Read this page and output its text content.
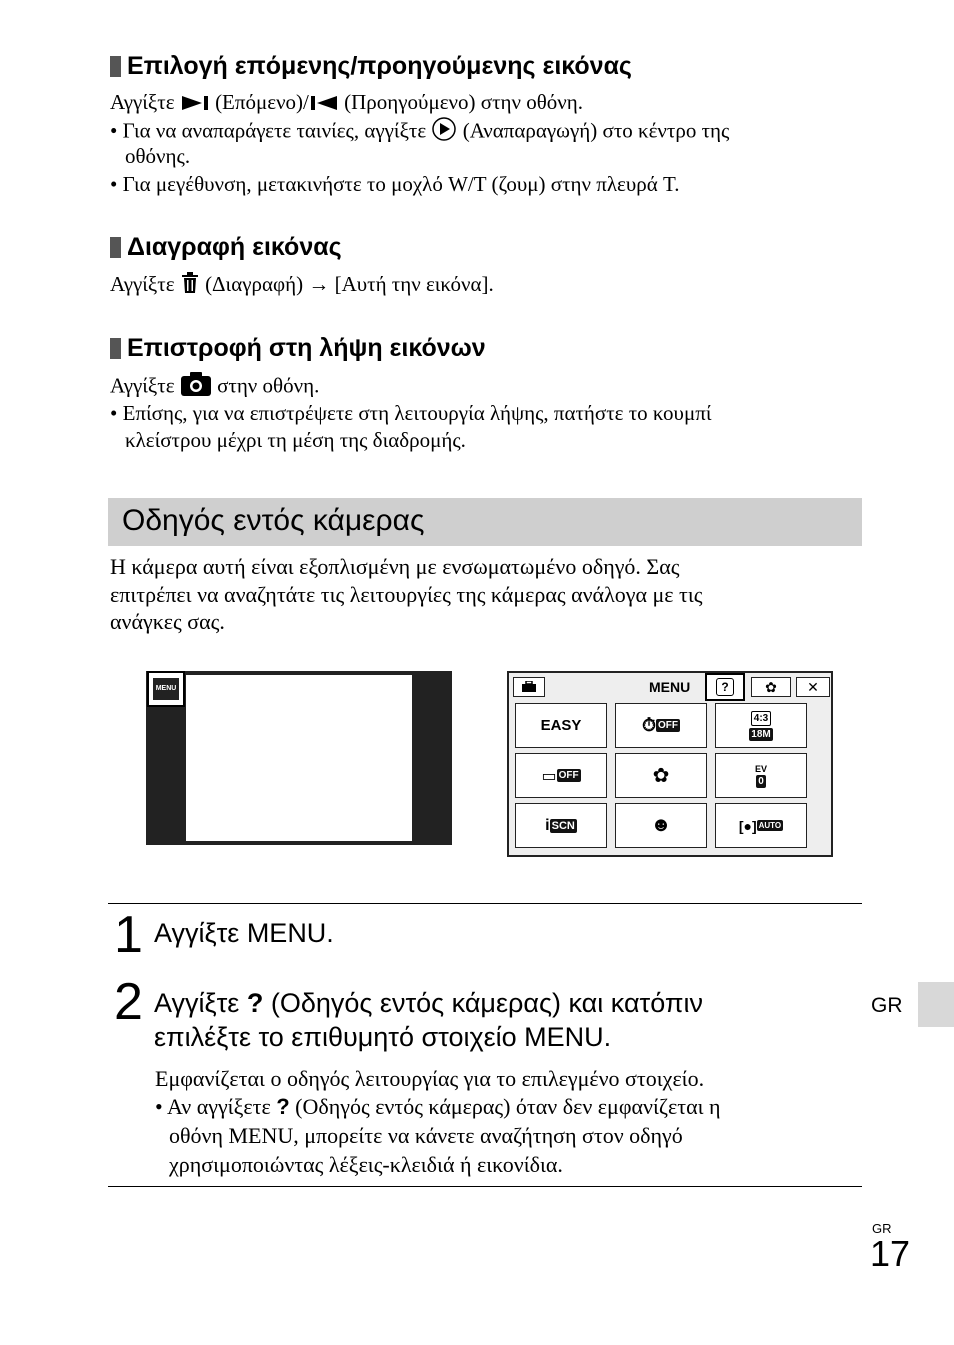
Επιλογή επόμενης/προηγούμενης εικόνας
Αγγίξτε (Επόμενο)/ (Προηγούμενο) στην οθόνη.
• Για να αναπαράγετε ταινίες, αγγίξτε (Αναπαραγωγή) στο κέντρο της
οθόνης.
• Για μεγέθυνση, μετακινήστε το μοχλό W/T (ζουμ) στην πλευρά T.
Διαγραφή εικόνας
Αγγίξτε (Διαγραφή) → [Αυτή την εικόνα].
Επιστροφή στη λήψη εικόνων
Αγγίξτε στην οθόνη.
• Επίσης, για να επιστρέψετε στη λειτουργία λήψης, πατήστε το κουμπί
κλείστρου μέχρι τη μέση της διαδρομής.
Οδηγός εντός κάμερας
Η κάμερα αυτή είναι εξοπλισμένη με ενσωματωμένο οδηγό. Σας
επιτρέπει να αναζητάτε τις λειτουργίες της κάμερας ανάλογα με τις
ανάγκες σας.
MENU	MENU	?	✿ ✕
EASY	⏱ OFF
4:3
18M
▭ OFF	✿	EV
0
i SCN	☻	[●] AUTO
1 Αγγίξτε MENU.
2 Αγγίξτε ? (Οδηγός εντός κάμερας) και κατόπιν
επιλέξτε το επιθυμητό στοιχείο MENU.
Εμφανίζεται ο οδηγός λειτουργίας για το επιλεγμένο στοιχείο.
• Αν αγγίξετε ? (Οδηγός εντός κάμερας) όταν δεν εμφανίζεται η
οθόνη MENU, μπορείτε να κάνετε αναζήτηση στον οδηγό
χρησιμοποιώντας λέξεις-κλειδιά ή εικονίδια.
GR
GR
17
